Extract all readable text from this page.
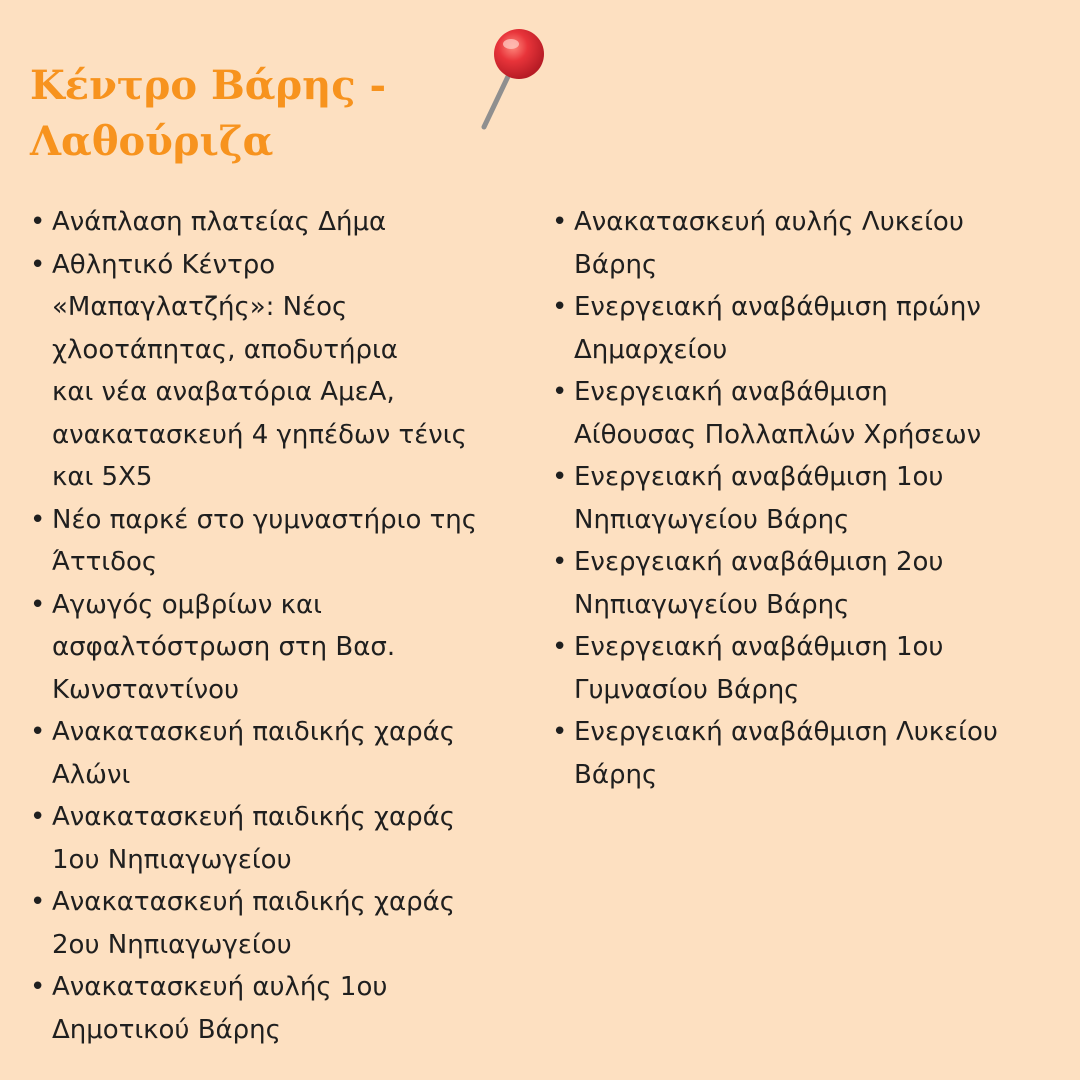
Κέντρο Βάρης -
Λαθούριζα
• Ανάπλαση πλατείας Δήμα
• Αθλητικό Κέντρο
«Μαπαγλατζής»: Νέος
χλοοτάπητας, αποδυτήρια
και νέα αναβατόρια ΑμεΑ,
ανακατασκευή 4 γηπέδων τένις
και 5Χ5
• Νέο παρκέ στο γυμναστήριο της
Άττιδος
• Αγωγός ομβρίων και
ασφαλτόστρωση στη Βασ.
Κωνσταντίνου
• Ανακατασκευή παιδικής χαράς
Αλώνι
• Ανακατασκευή παιδικής χαράς
1ου Νηπιαγωγείου
• Ανακατασκευή παιδικής χαράς
2ου Νηπιαγωγείου
• Ανακατασκευή αυλής 1ου
Δημοτικού Βάρης
• Ανακατασκευή αυλής Λυκείου
Βάρης
• Ενεργειακή αναβάθμιση πρώην
Δημαρχείου
• Ενεργειακή αναβάθμιση
Αίθουσας Πολλαπλών Χρήσεων
• Ενεργειακή αναβάθμιση 1ου
Νηπιαγωγείου Βάρης
• Ενεργειακή αναβάθμιση 2ου
Νηπιαγωγείου Βάρης
• Ενεργειακή αναβάθμιση 1ου
Γυμνασίου Βάρης
• Ενεργειακή αναβάθμιση Λυκείου
Βάρης
